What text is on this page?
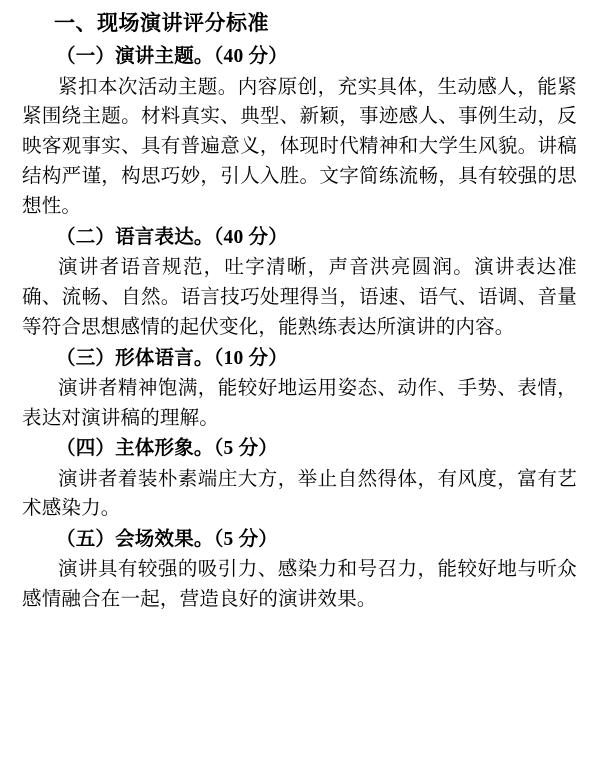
一、现场演讲评分标准

（一）演讲主题。（40 分）

紧扣本次活动主题。内容原创，充实具体，生动感人，能紧紧围绕主题。材料真实、典型、新颖，事迹感人、事例生动，反映客观事实、具有普遍意义，体现时代精神和大学生风貌。讲稿结构严谨，构思巧妙，引人入胜。文字简练流畅，具有较强的思想性。

（二）语言表达。（40 分）

演讲者语音规范，吐字清晰，声音洪亮圆润。演讲表达准确、流畅、自然。语言技巧处理得当，语速、语气、语调、音量等符合思想感情的起伏变化，能熟练表达所演讲的内容。

（三）形体语言。（10 分）

演讲者精神饱满，能较好地运用姿态、动作、手势、表情，表达对演讲稿的理解。

（四）主体形象。（5 分）

演讲者着装朴素端庄大方，举止自然得体，有风度，富有艺术感染力。

（五）会场效果。（5 分）

演讲具有较强的吸引力、感染力和号召力，能较好地与听众感情融合在一起，营造良好的演讲效果。
